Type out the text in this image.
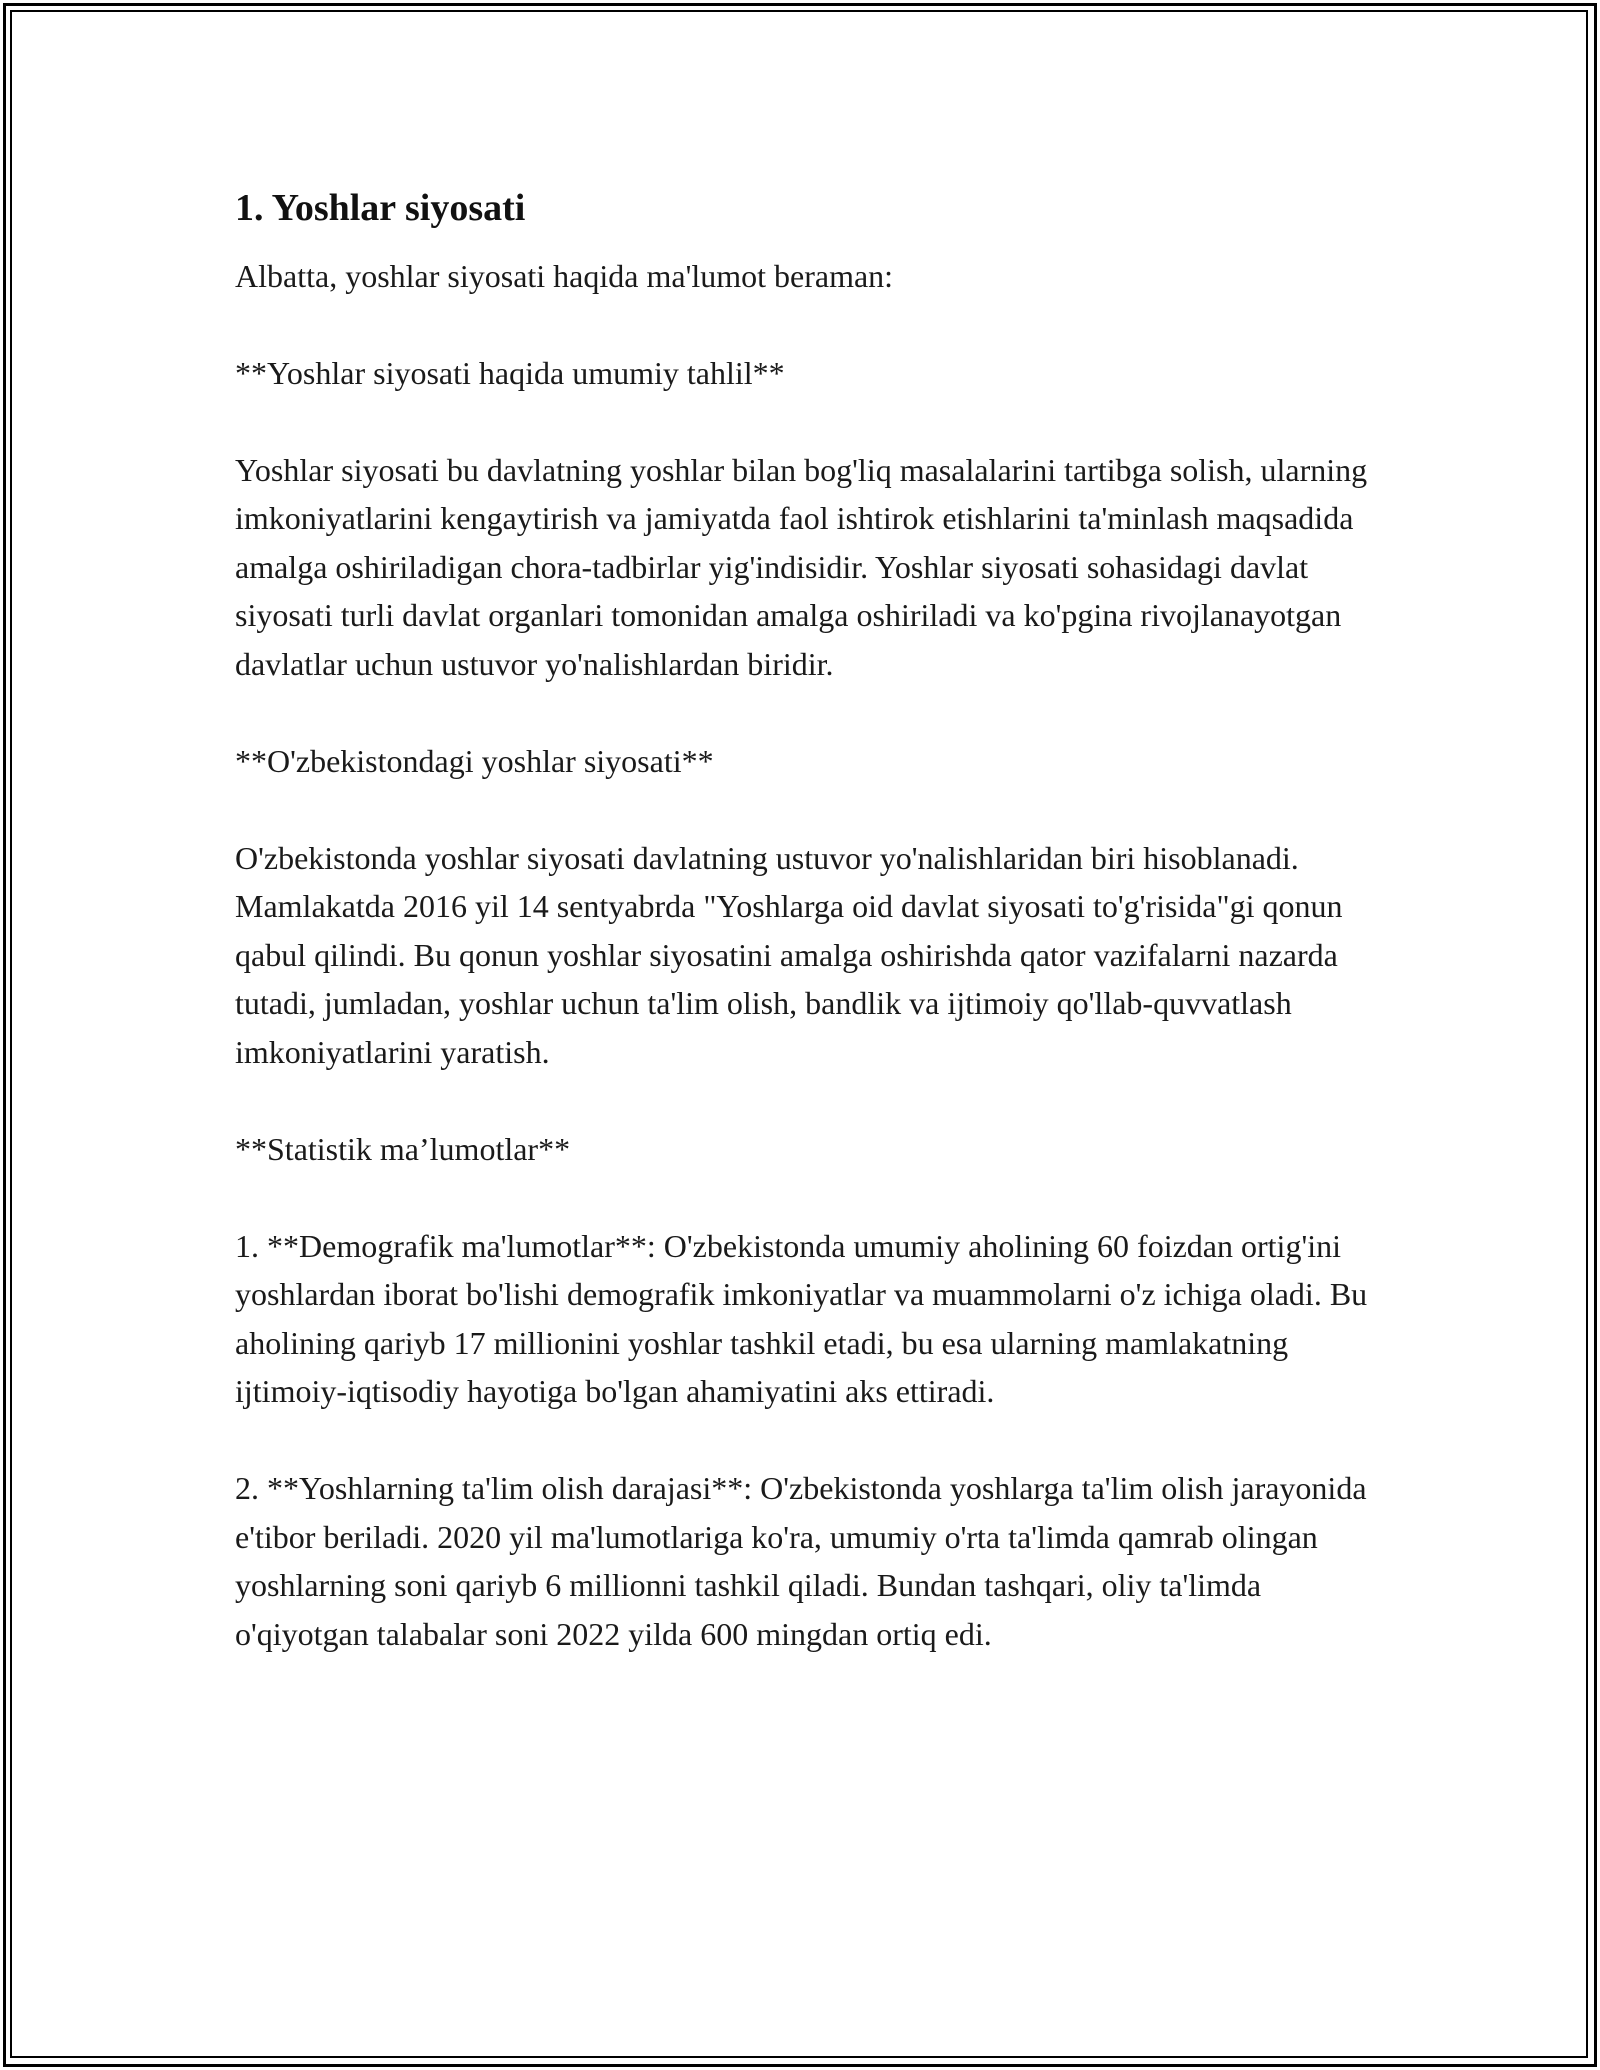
1. Yoshlar siyosati

Albatta, yoshlar siyosati haqida ma'lumot beraman:

**Yoshlar siyosati haqida umumiy tahlil**

Yoshlar siyosati bu davlatning yoshlar bilan bog'liq masalalarini tartibga solish, ularning imkoniyatlarini kengaytirish va jamiyatda faol ishtirok etishlarini ta'minlash maqsadida amalga oshiriladigan chora-tadbirlar yig'indisidir. Yoshlar siyosati sohasidagi davlat siyosati turli davlat organlari tomonidan amalga oshiriladi va ko'pgina rivojlanayotgan davlatlar uchun ustuvor yo'nalishlardan biridir.

**O'zbekistondagi yoshlar siyosati**

O'zbekistonda yoshlar siyosati davlatning ustuvor yo'nalishlaridan biri hisoblanadi. Mamlakatda 2016 yil 14 sentyabrda "Yoshlarga oid davlat siyosati to'g'risida"gi qonun qabul qilindi. Bu qonun yoshlar siyosatini amalga oshirishda qator vazifalarni nazarda tutadi, jumladan, yoshlar uchun ta'lim olish, bandlik va ijtimoiy qo'llab-quvvatlash imkoniyatlarini yaratish.

**Statistik ma’lumotlar**

1. **Demografik ma'lumotlar**: O'zbekistonda umumiy aholining 60 foizdan ortig'ini yoshlardan iborat bo'lishi demografik imkoniyatlar va muammolarni o'z ichiga oladi. Bu aholining qariyb 17 millionini yoshlar tashkil etadi, bu esa ularning mamlakatning ijtimoiy-iqtisodiy hayotiga bo'lgan ahamiyatini aks ettiradi.

2. **Yoshlarning ta'lim olish darajasi**: O'zbekistonda yoshlarga ta'lim olish jarayonida e'tibor beriladi. 2020 yil ma'lumotlariga ko'ra, umumiy o'rta ta'limda qamrab olingan yoshlarning soni qariyb 6 millionni tashkil qiladi. Bundan tashqari, oliy ta'limda o'qiyotgan talabalar soni 2022 yilda 600 mingdan ortiq edi.
